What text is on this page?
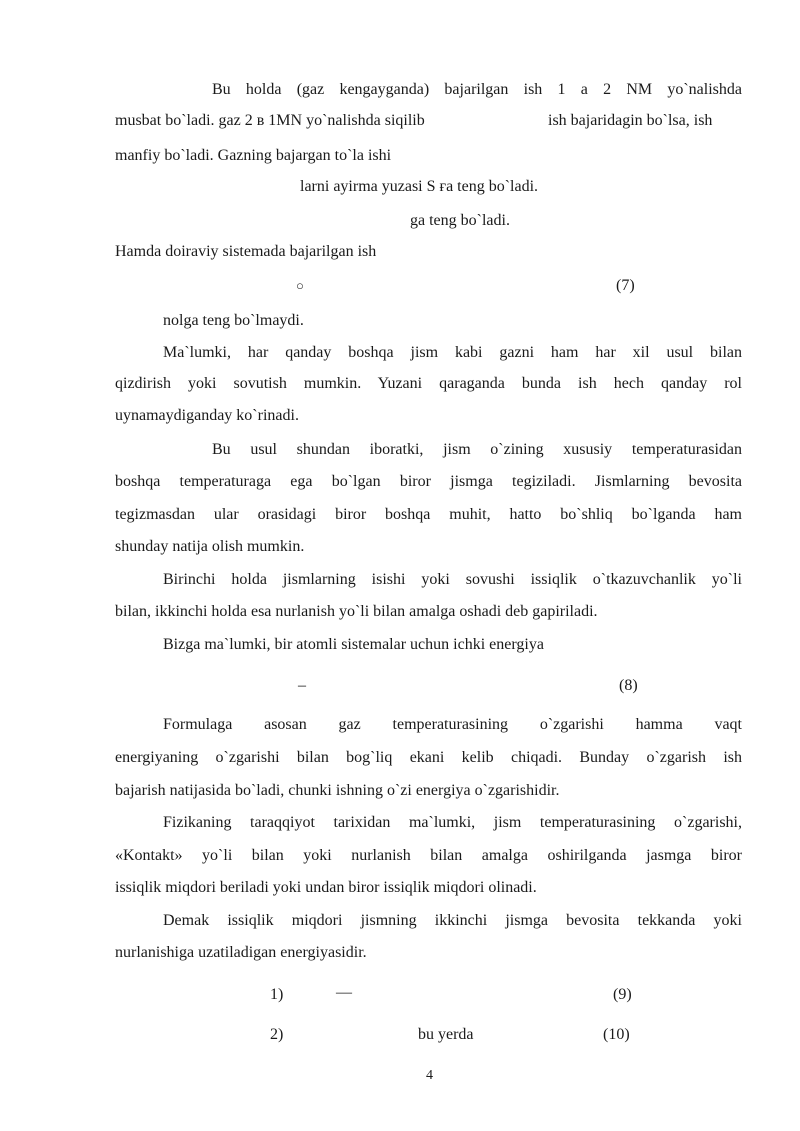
Bu holda (gaz kengayganda) bajarilgan ish 1 a 2 NM yo`nalishda
musbat bo`ladi. gaz 2 в 1MN yo`nalishda siqilib	ish bajaridagin bo`lsa, ish
manfiy bo`ladi. Gazning bajargan to`la ishi
larni ayirma yuzasi S ға teng bo`ladi.
ga teng bo`ladi.
Hamda doiraviy sistemada bajarilgan ish
○	(7)
nolga teng bo`lmaydi.
Ma`lumki, har qanday boshqa jism kabi gazni ham har xil usul bilan
qizdirish yoki sovutish mumkin. Yuzani qaraganda bunda ish hech qanday rol
uynamaydiganday ko`rinadi.
Bu usul shundan iboratki, jism o`zining xususiy temperaturasidan
boshqa temperaturaga ega bo`lgan biror jismga tegiziladi. Jismlarning bevosita
tegizmasdan ular orasidagi biror boshqa muhit, hatto bo`shliq bo`lganda ham
shunday natija olish mumkin.
Birinchi holda jismlarning isishi yoki sovushi issiqlik o`tkazuvchanlik yo`li
bilan, ikkinchi holda esa nurlanish yo`li bilan amalga oshadi deb gapiriladi.
Bizga ma`lumki, bir atomli sistemalar uchun ichki energiya
–	(8)
Formulaga asosan gaz temperaturasining o`zgarishi hamma vaqt
energiyaning o`zgarishi bilan bog`liq ekani kelib chiqadi. Bunday o`zgarish ish
bajarish natijasida bo`ladi, chunki ishning o`zi energiya o`zgarishidir.
Fizikaning taraqqiyot tarixidan ma`lumki, jism temperaturasining o`zgarishi,
«Kontakt» yo`li bilan yoki nurlanish bilan amalga oshirilganda jasmga biror
issiqlik miqdori beriladi yoki undan biror issiqlik miqdori olinadi.
Demak issiqlik miqdori jismning ikkinchi jismga bevosita tekkanda yoki
nurlanishiga uzatiladigan energiyasidir.
1)	—	(9)
2)	bu yerda	(10)
4
